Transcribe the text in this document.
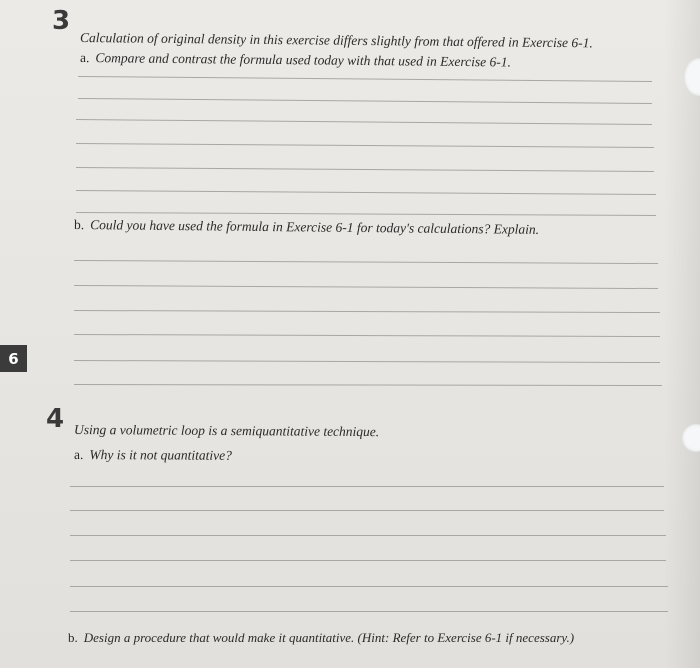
3
Calculation of original density in this exercise differs slightly from that offered in Exercise 6-1.
a. Compare and contrast the formula used today with that used in Exercise 6-1.
b. Could you have used the formula in Exercise 6-1 for today's calculations? Explain.
6
4 Using a volumetric loop is a semiquantitative technique.
a. Why is it not quantitative?
b. Design a procedure that would make it quantitative. (Hint: Refer to Exercise 6-1 if necessary.)
